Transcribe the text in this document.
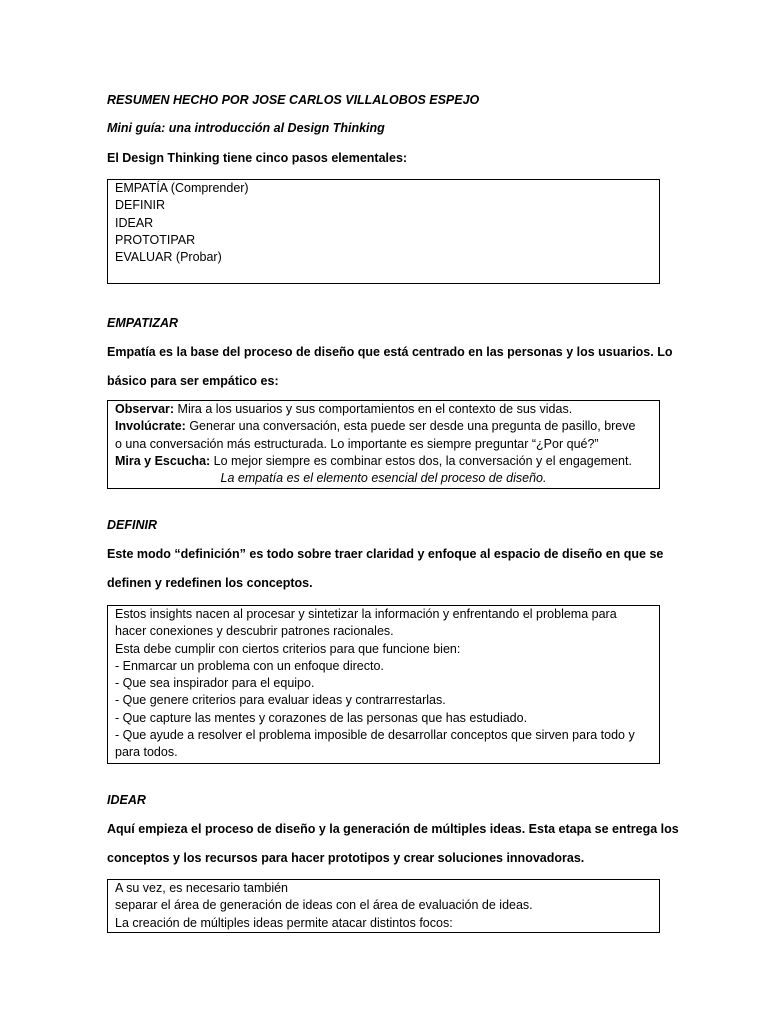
RESUMEN HECHO POR JOSE CARLOS VILLALOBOS ESPEJO
Mini guía: una introducción al Design Thinking
El Design Thinking tiene cinco pasos elementales:
EMPATÍA (Comprender)
DEFINIR
IDEAR
PROTOTIPAR
EVALUAR (Probar)
EMPATIZAR
Empatía es la base del proceso de diseño que está centrado en las personas y los usuarios. Lo
básico para ser empático es:
Observar: Mira a los usuarios y sus comportamientos en el contexto de sus vidas.
Involúcrate: Generar una conversación, esta puede ser desde una pregunta de pasillo, breve
o una conversación más estructurada. Lo importante es siempre preguntar “¿Por qué?”
Mira y Escucha: Lo mejor siempre es combinar estos dos, la conversación y el engagement.
La empatía es el elemento esencial del proceso de diseño.
DEFINIR
Este modo “definición” es todo sobre traer claridad y enfoque al espacio de diseño en que se
definen y redefinen los conceptos.
Estos insights nacen al procesar y sintetizar la información y enfrentando el problema para
hacer conexiones y descubrir patrones racionales.
Esta debe cumplir con ciertos criterios para que funcione bien:
- Enmarcar un problema con un enfoque directo.
- Que sea inspirador para el equipo.
- Que genere criterios para evaluar ideas y contrarrestarlas.
- Que capture las mentes y corazones de las personas que has estudiado.
- Que ayude a resolver el problema imposible de desarrollar conceptos que sirven para todo y
para todos.
IDEAR
Aquí empieza el proceso de diseño y la generación de múltiples ideas. Esta etapa se entrega los
conceptos y los recursos para hacer prototipos y crear soluciones innovadoras.
A su vez, es necesario también
separar el área de generación de ideas con el área de evaluación de ideas.
La creación de múltiples ideas permite atacar distintos focos:
